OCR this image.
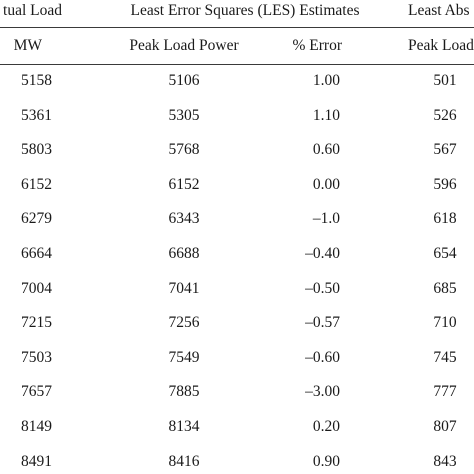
tual Load	Least Error Squares (LES) Estimates	Least Abs
MW	Peak Load Power	% Error	Peak Load
5158	5106	1.00	501
5361	5305	1.10	526
5803	5768	0.60	567
6152	6152	0.00	596
6279	6343	–1.0	618
6664	6688	–0.40	654
7004	7041	–0.50	685
7215	7256	–0.57	710
7503	7549	–0.60	745
7657	7885	–3.00	777
8149	8134	0.20	807
8491	8416	0.90	843
